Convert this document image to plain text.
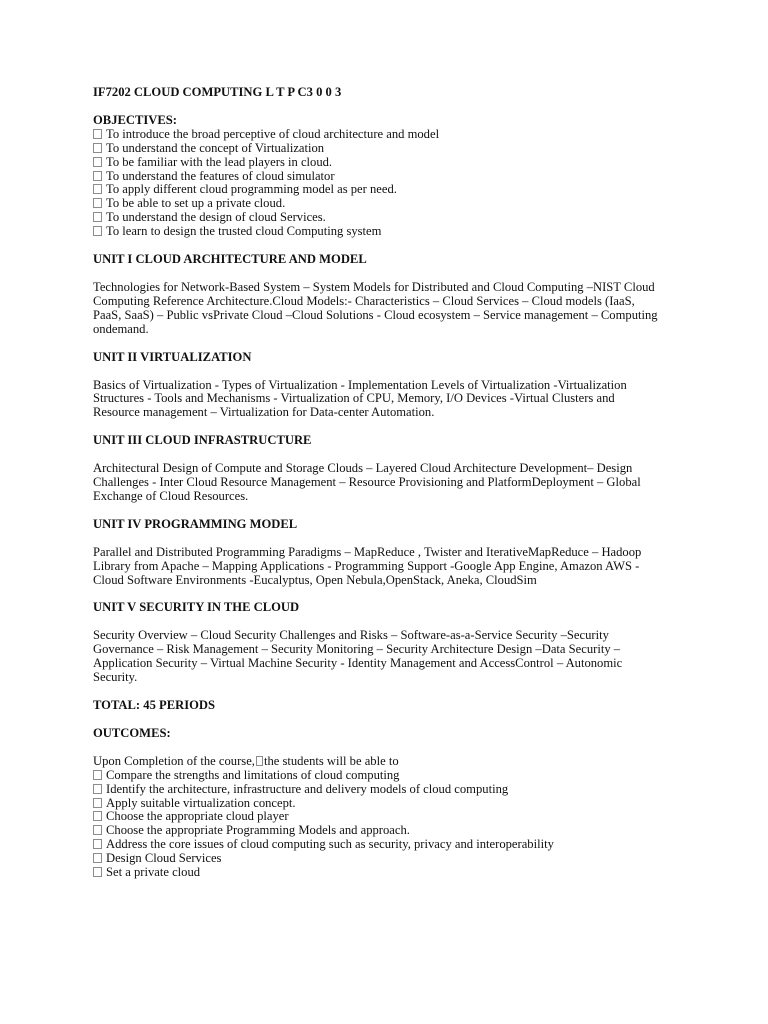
IF7202 CLOUD COMPUTING L T P C3 0 0 3

OBJECTIVES:

To introduce the broad perceptive of cloud architecture and model
To understand the concept of Virtualization
To be familiar with the lead players in cloud.
To understand the features of cloud simulator
To apply different cloud programming model as per need.
To be able to set up a private cloud.
To understand the design of cloud Services.
To learn to design the trusted cloud Computing system

UNIT I CLOUD ARCHITECTURE AND MODEL

Technologies for Network-Based System – System Models for Distributed and Cloud Computing –NIST Cloud
Computing Reference Architecture.Cloud Models:- Characteristics – Cloud Services – Cloud models (IaaS,
PaaS, SaaS) – Public vsPrivate Cloud –Cloud Solutions - Cloud ecosystem – Service management – Computing
ondemand.

UNIT II VIRTUALIZATION

Basics of Virtualization - Types of Virtualization - Implementation Levels of Virtualization -Virtualization
Structures - Tools and Mechanisms - Virtualization of CPU, Memory, I/O Devices -Virtual Clusters and
Resource management – Virtualization for Data-center Automation.

UNIT III CLOUD INFRASTRUCTURE

Architectural Design of Compute and Storage Clouds – Layered Cloud Architecture Development– Design
Challenges - Inter Cloud Resource Management – Resource Provisioning and PlatformDeployment – Global
Exchange of Cloud Resources.

UNIT IV PROGRAMMING MODEL

Parallel and Distributed Programming Paradigms – MapReduce , Twister and IterativeMapReduce – Hadoop
Library from Apache – Mapping Applications - Programming Support -Google App Engine, Amazon AWS -
Cloud Software Environments -Eucalyptus, Open Nebula,OpenStack, Aneka, CloudSim

UNIT V SECURITY IN THE CLOUD

Security Overview – Cloud Security Challenges and Risks – Software-as-a-Service Security –Security
Governance – Risk Management – Security Monitoring – Security Architecture Design –Data Security –
Application Security – Virtual Machine Security - Identity Management and AccessControl – Autonomic
Security.

TOTAL: 45 PERIODS

OUTCOMES:

Upon Completion of the course, the students will be able to
Compare the strengths and limitations of cloud computing
Identify the architecture, infrastructure and delivery models of cloud computing
Apply suitable virtualization concept.
Choose the appropriate cloud player
Choose the appropriate Programming Models and approach.
Address the core issues of cloud computing such as security, privacy and interoperability
Design Cloud Services
Set a private cloud
